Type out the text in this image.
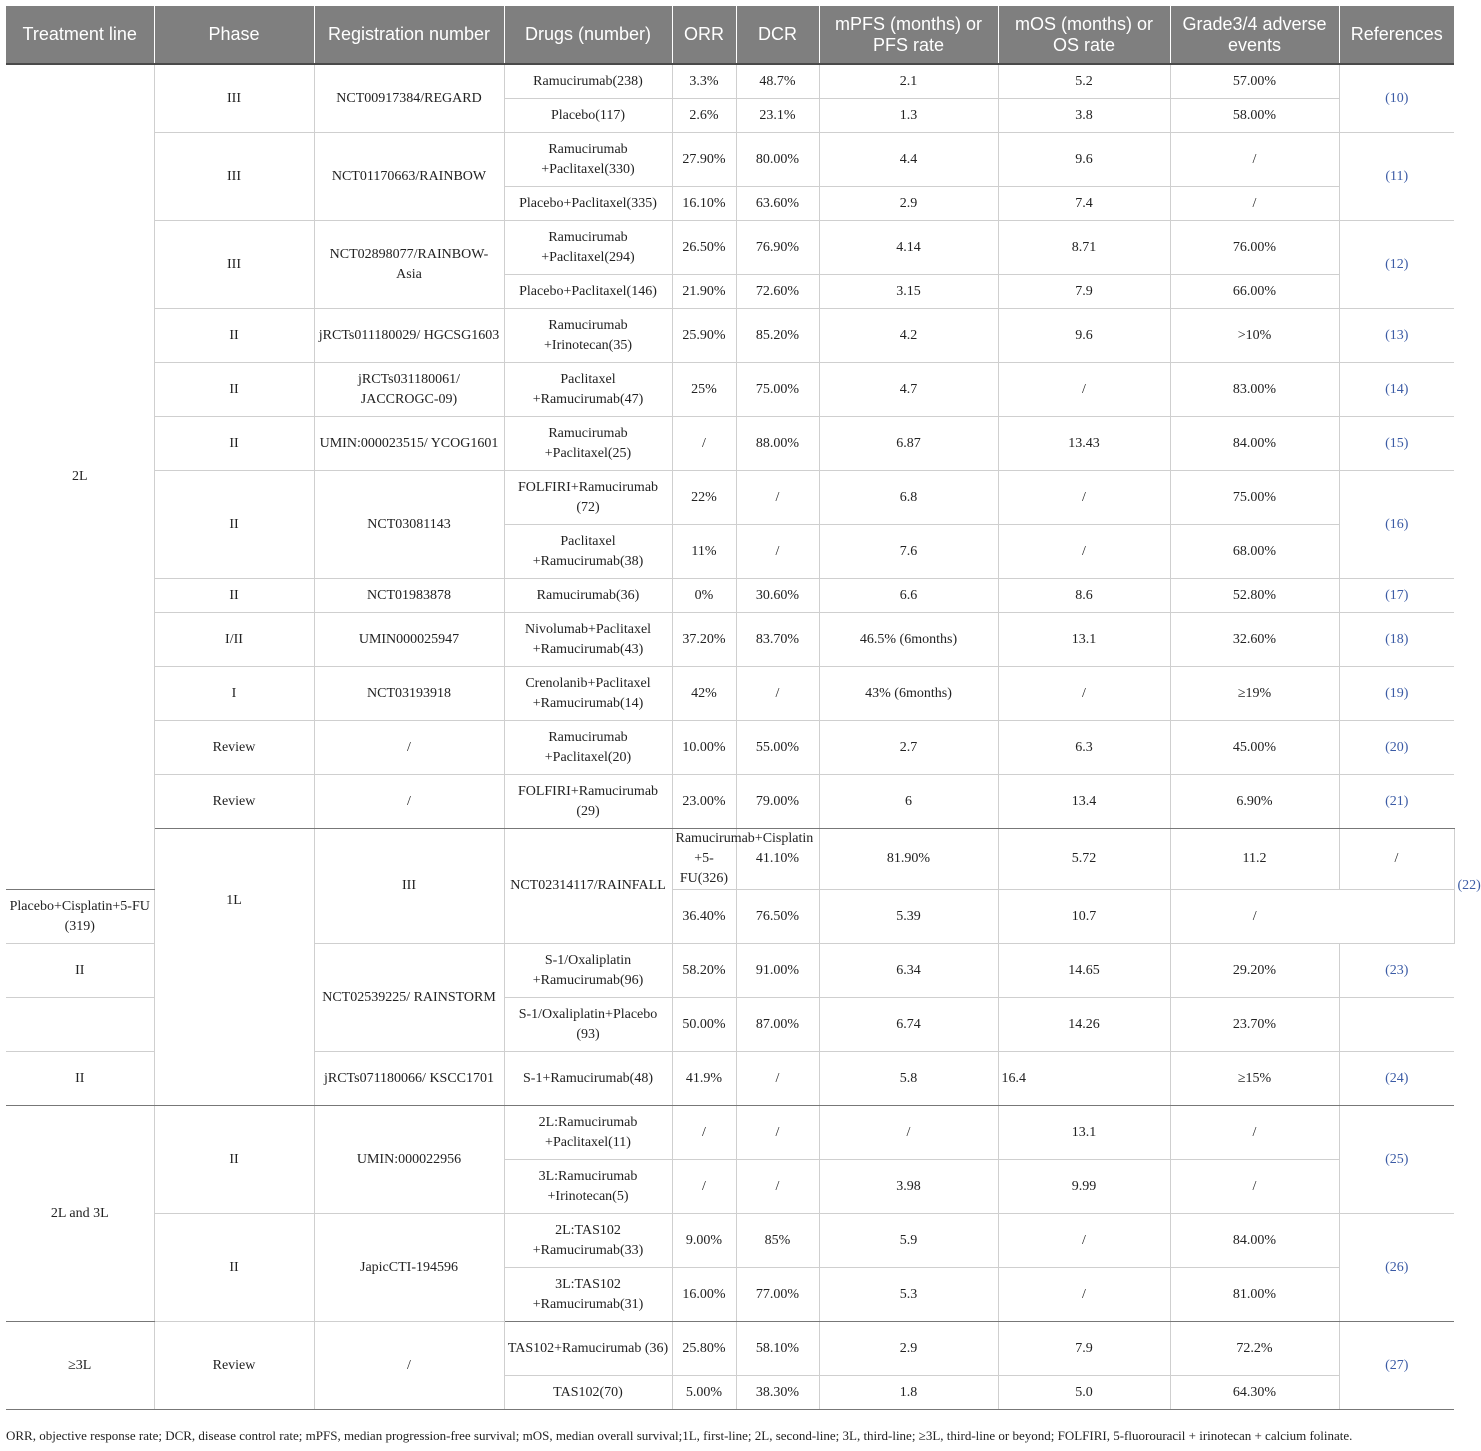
Treatment line	Phase	Registration number	Drugs (number)	ORR	DCR	mPFS (months) or PFS rate	mOS (months) or OS rate	Grade3/4 adverse events	References	
2L	III	NCT00917384/REGARD	Ramucirumab(238)	3.3%	48.7%	2.1	5.2	57.00%	(10)	
			Placebo(117)	2.6%	23.1%	1.3	3.8	58.00%		
	III	NCT01170663/RAINBOW	Ramucirumab +Paclitaxel(330)	27.90%	80.00%	4.4	9.6	/	(11)	
			Placebo+Paclitaxel(335)	16.10%	63.60%	2.9	7.4	/		
	III	NCT02898077/RAINBOW-Asia	Ramucirumab +Paclitaxel(294)	26.50%	76.90%	4.14	8.71	76.00%	(12)	
			Placebo+Paclitaxel(146)	21.90%	72.60%	3.15	7.9	66.00%		
	II	jRCTs011180029/ HGCSG1603	Ramucirumab +Irinotecan(35)	25.90%	85.20%	4.2	9.6	>10%	(13)	
	II	jRCTs031180061/ JACCROGC-09)	Paclitaxel +Ramucirumab(47)	25%	75.00%	4.7	/	83.00%	(14)	
	II	UMIN:000023515/ YCOG1601	Ramucirumab +Paclitaxel(25)	/	88.00%	6.87	13.43	84.00%	(15)	
	II	NCT03081143	FOLFIRI+Ramucirumab (72)	22%	/	6.8	/	75.00%	(16)	
			Paclitaxel +Ramucirumab(38)	11%	/	7.6	/	68.00%		
	II	NCT01983878	Ramucirumab(36)	0%	30.60%	6.6	8.6	52.80%	(17)	
	I/II	UMIN000025947	Nivolumab+Paclitaxel +Ramucirumab(43)	37.20%	83.70%	46.5% (6months)	13.1	32.60%	(18)	
	I	NCT03193918	Crenolanib+Paclitaxel +Ramucirumab(14)	42%	/	43% (6months)	/	≥19%	(19)	
	Review	/	Ramucirumab +Paclitaxel(20)	10.00%	55.00%	2.7	6.3	45.00%	(20)	
	Review	/	FOLFIRI+Ramucirumab (29)	23.00%	79.00%	6	13.4	6.90%	(21)	
	1L	III	NCT02314117/RAINFALL	Ramucirumab+Cisplatin +5-FU(326)	41.10%	81.90%	5.72	11.2	/	(22)
Placebo+Cisplatin+5-FU (319)				36.40%	76.50%	5.39	10.7	/		
II		NCT02539225/ RAINSTORM	S-1/Oxaliplatin +Ramucirumab(96)	58.20%	91.00%	6.34	14.65	29.20%	(23)	
			S-1/Oxaliplatin+Placebo (93)	50.00%	87.00%	6.74	14.26	23.70%		
II		jRCTs071180066/ KSCC1701	S-1+Ramucirumab(48)	41.9%	/	5.8	16.4	≥15%	(24)	
2L and 3L	II	UMIN:000022956	2L:Ramucirumab +Paclitaxel(11)	/	/	/	13.1	/	(25)	
			3L:Ramucirumab +Irinotecan(5)	/	/	3.98	9.99	/		
	II	JapicCTI-194596	2L:TAS102 +Ramucirumab(33)	9.00%	85%	5.9	/	84.00%	(26)	
			3L:TAS102 +Ramucirumab(31)	16.00%	77.00%	5.3	/	81.00%		
≥3L	Review	/	TAS102+Ramucirumab (36)	25.80%	58.10%	2.9	7.9	72.2%	(27)	
			TAS102(70)	5.00%	38.30%	1.8	5.0	64.30%		
ORR, objective response rate; DCR, disease control rate; mPFS, median progression-free survival; mOS, median overall survival;1L, first-line; 2L, second-line; 3L, third-line; ≥3L, third-line or beyond; FOLFIRI, 5-fluorouracil + irinotecan + calcium folinate.
